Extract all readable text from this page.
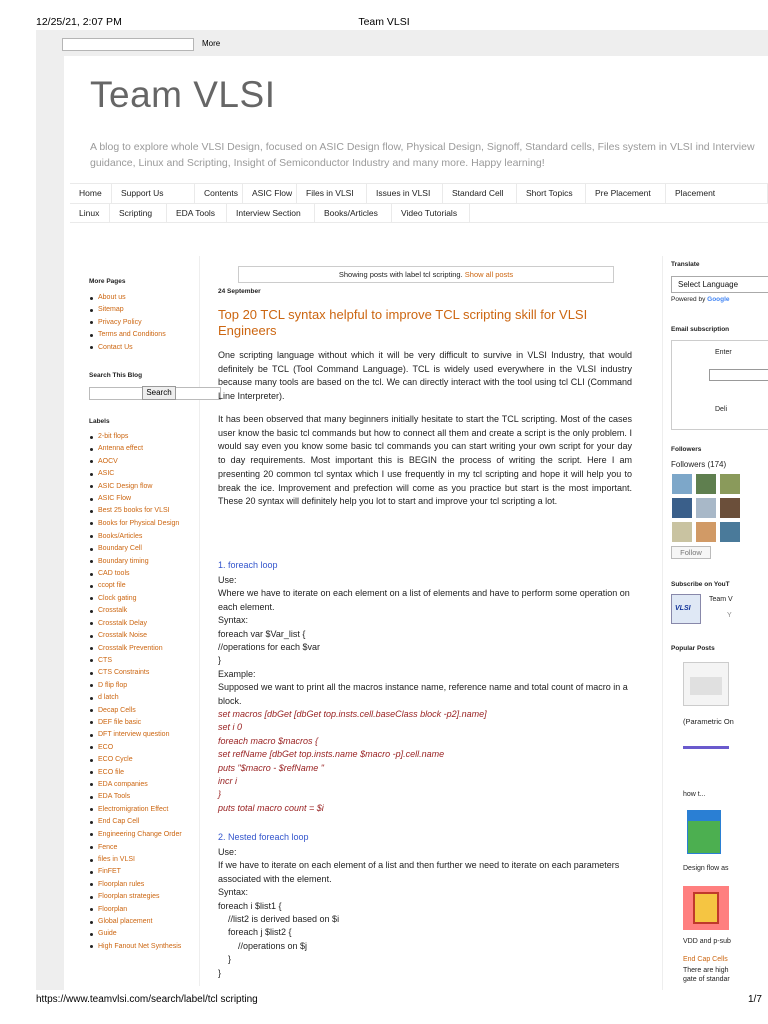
12/25/21, 2:07 PM	Team VLSI
More
Team VLSI
A blog to explore whole VLSI Design, focused on ASIC Design flow, Physical Design, Signoff, Standard cells, Files system in VLSI ind Interview guidance, Linux and Scripting, Insight of Semiconductor Industry and many more. Happy learning!
Home	Support Us	Contents	ASIC Flow	Files in VLSI	Issues in VLSI	Standard Cell	Short Topics	Pre Placement	Placement
Linux	Scripting	EDA Tools	Interview Section	Books/Articles	Video Tutorials
More Pages
About us
Sitemap
Privacy Policy
Terms and Conditions
Contact Us
Search This Blog
Labels
2-bit flops
Antenna effect
AOCV
ASIC
ASIC Design flow
ASIC Flow
Best 25 books for VLSI
Books for Physical Design
Books/Articles
Boundary Cell
Boundary timing
CAD tools
ccopt file
Clock gating
Crosstalk
Crosstalk Delay
Crosstalk Noise
Crosstalk Prevention
CTS
CTS Constraints
D flip flop
d latch
Decap Cells
DEF file basic
DFT interview question
ECO
ECO Cycle
ECO file
EDA companies
EDA Tools
Electromigration Effect
End Cap Cell
Engineering Change Order
Fence
files in VLSI
FinFET
Floorplan rules
Floorplan strategies
Floorplan
Global placement
Guide
High Fanout Net Synthesis
Search
Showing posts with label tcl scripting. Show all posts
24 September
Top 20 TCL syntax helpful to improve TCL scripting skill for VLSI Engineers

One scripting language without which it will be very difficult to survive in VLSI Industry, that would definitely be TCL (Tool Command Language). TCL is widely used everywhere in the VLSI industry because many tools are based on the tcl. We can directly interact with the tool using tcl CLI (Command Line Interpreter).

It has been observed that many beginners initially hesitate to start the TCL scripting. Most of the cases user know the basic tcl commands but how to connect all them and create a script is the only problem. I would say even you know some basic tcl commands you can start writing your own script for your day to day requirements. Most important this is BEGIN the process of writing the script. Here I am presenting 20 common tcl syntax which I use frequently in my tcl scripting and hope it will help you to break the ice. Improvement and prefection will come as you practice but start is the most important. These 20 syntax will definitely help you lot to start and improve your tcl scripting a lot.

1. foreach loop
Use:
Where we have to iterate on each element on a list of elements and have to perform some operation on each element.
Syntax:
foreach var $Var_list {
//operations for each $var
}
Example:
Supposed we want to print all the macros instance name, reference name and total count of macro in a block.
set macros [dbGet [dbGet top.insts.cell.baseClass block -p2].name]
set i 0
foreach macro $macros {
set refName [dbGet top.insts.name $macro -p].cell.name
puts "$macro - $refName "
incr i
}
puts total macro count = $i
2. Nested foreach loop
Use:
If we have to iterate on each element of a list and then further we need to iterate on each parameters associated with the element.
Syntax:
foreach i $list1 {
//list2 is derived based on $i
foreach j $list2 {
//operations on $j
}
}
Translate
Select Language
Powered by Google
Email subscription
Enter
Deli
Followers
Followers (174)
Follow
Subscribe on YouT
VLSI
Team V
Y
Popular Posts
(Parametric On
how t...
Design flow as
VDD and p-sub
End Cap Cells
There are high
gate of standar
https://www.teamvlsi.com/search/label/tcl scripting	1/7
